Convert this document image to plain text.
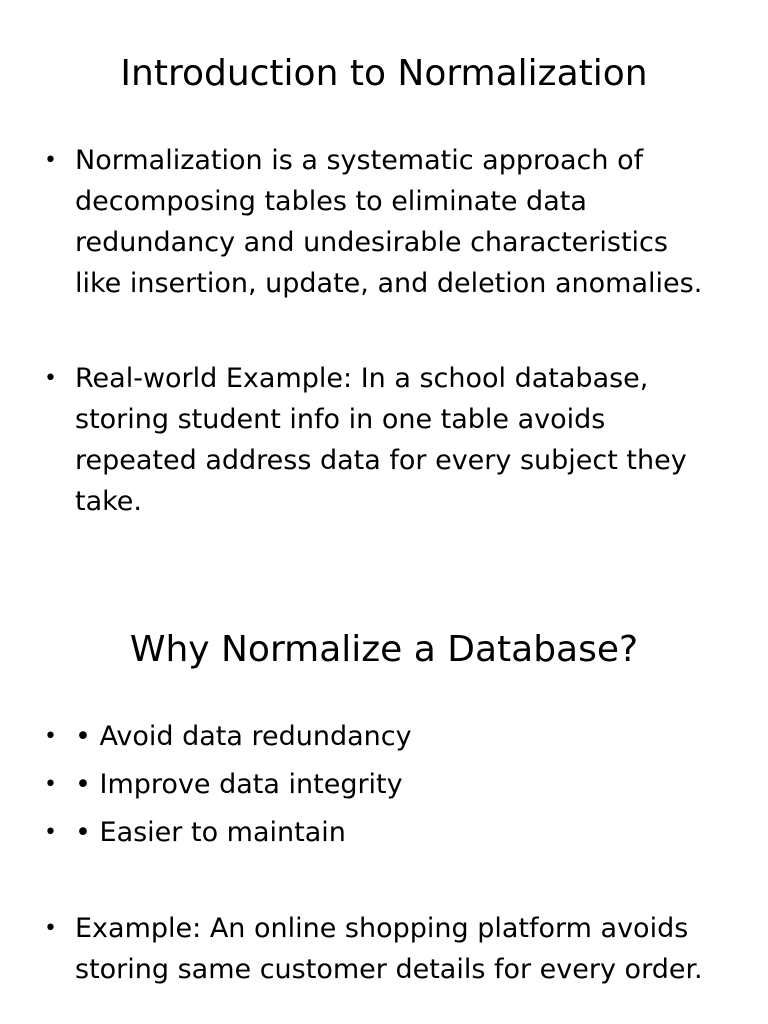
Introduction to Normalization
• Normalization is a systematic approach of
decomposing tables to eliminate data
redundancy and undesirable characteristics
like insertion, update, and deletion anomalies.
• Real-world Example: In a school database,
storing student info in one table avoids
repeated address data for every subject they
take.
Why Normalize a Database?
• • Avoid data redundancy
• • Improve data integrity
• • Easier to maintain
• Example: An online shopping platform avoids
storing same customer details for every order.
